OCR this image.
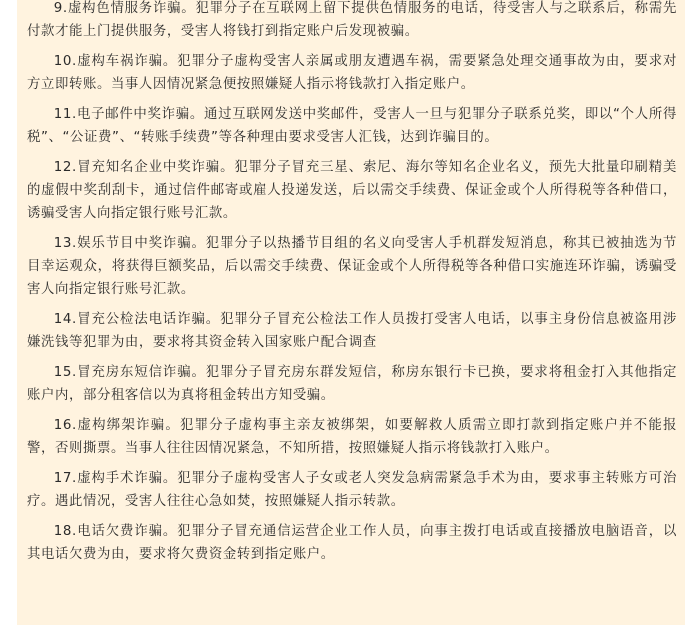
9.虚构色情服务诈骗。犯罪分子在互联网上留下提供色情服务的电话，待受害人与之联系后，称需先付款才能上门提供服务，受害人将钱打到指定账户后发现被骗。

10.虚构车祸诈骗。犯罪分子虚构受害人亲属或朋友遭遇车祸，需要紧急处理交通事故为由，要求对方立即转账。当事人因情况紧急便按照嫌疑人指示将钱款打入指定账户。

11.电子邮件中奖诈骗。通过互联网发送中奖邮件，受害人一旦与犯罪分子联系兑奖，即以“个人所得税”、“公证费”、“转账手续费”等各种理由要求受害人汇钱，达到诈骗目的。

12.冒充知名企业中奖诈骗。犯罪分子冒充三星、索尼、海尔等知名企业名义，预先大批量印刷精美的虚假中奖刮刮卡，通过信件邮寄或雇人投递发送，后以需交手续费、保证金或个人所得税等各种借口，诱骗受害人向指定银行账号汇款。

13.娱乐节目中奖诈骗。犯罪分子以热播节目组的名义向受害人手机群发短消息，称其已被抽选为节目幸运观众，将获得巨额奖品，后以需交手续费、保证金或个人所得税等各种借口实施连环诈骗，诱骗受害人向指定银行账号汇款。

14.冒充公检法电话诈骗。犯罪分子冒充公检法工作人员拨打受害人电话，以事主身份信息被盗用涉嫌洗钱等犯罪为由，要求将其资金转入国家账户配合调查

15.冒充房东短信诈骗。犯罪分子冒充房东群发短信，称房东银行卡已换，要求将租金打入其他指定账户内，部分租客信以为真将租金转出方知受骗。

16.虚构绑架诈骗。犯罪分子虚构事主亲友被绑架，如要解救人质需立即打款到指定账户并不能报警，否则撕票。当事人往往因情况紧急，不知所措，按照嫌疑人指示将钱款打入账户。

17.虚构手术诈骗。犯罪分子虚构受害人子女或老人突发急病需紧急手术为由，要求事主转账方可治疗。遇此情况，受害人往往心急如焚，按照嫌疑人指示转款。

18.电话欠费诈骗。犯罪分子冒充通信运营企业工作人员，向事主拨打电话或直接播放电脑语音，以其电话欠费为由，要求将欠费资金转到指定账户。
